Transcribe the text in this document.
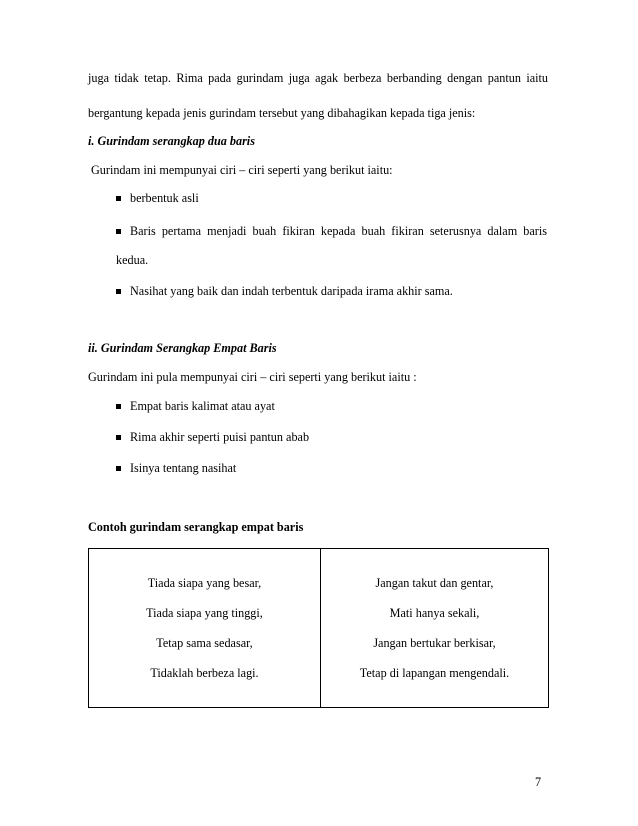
juga tidak tetap. Rima pada gurindam juga agak berbeza berbanding dengan pantun iaitu
bergantung kepada jenis gurindam tersebut yang dibahagikan kepada tiga jenis:
i. Gurindam serangkap dua baris
Gurindam ini mempunyai ciri – ciri seperti yang berikut iaitu:
berbentuk asli
Baris pertama menjadi buah fikiran kepada buah fikiran seterusnya dalam baris
kedua.
Nasihat yang baik dan indah terbentuk daripada irama akhir sama.
ii. Gurindam Serangkap Empat Baris
Gurindam ini pula mempunyai ciri – ciri seperti yang berikut iaitu :
Empat baris kalimat atau ayat
Rima akhir seperti puisi pantun abab
Isinya tentang nasihat
Contoh gurindam serangkap empat baris
Tiada siapa yang besar,
Tiada siapa yang tinggi,
Tetap sama sedasar,
Tidaklah berbeza lagi.
Jangan takut dan gentar,
Mati hanya sekali,
Jangan bertukar berkisar,
Tetap di lapangan mengendali.
7
